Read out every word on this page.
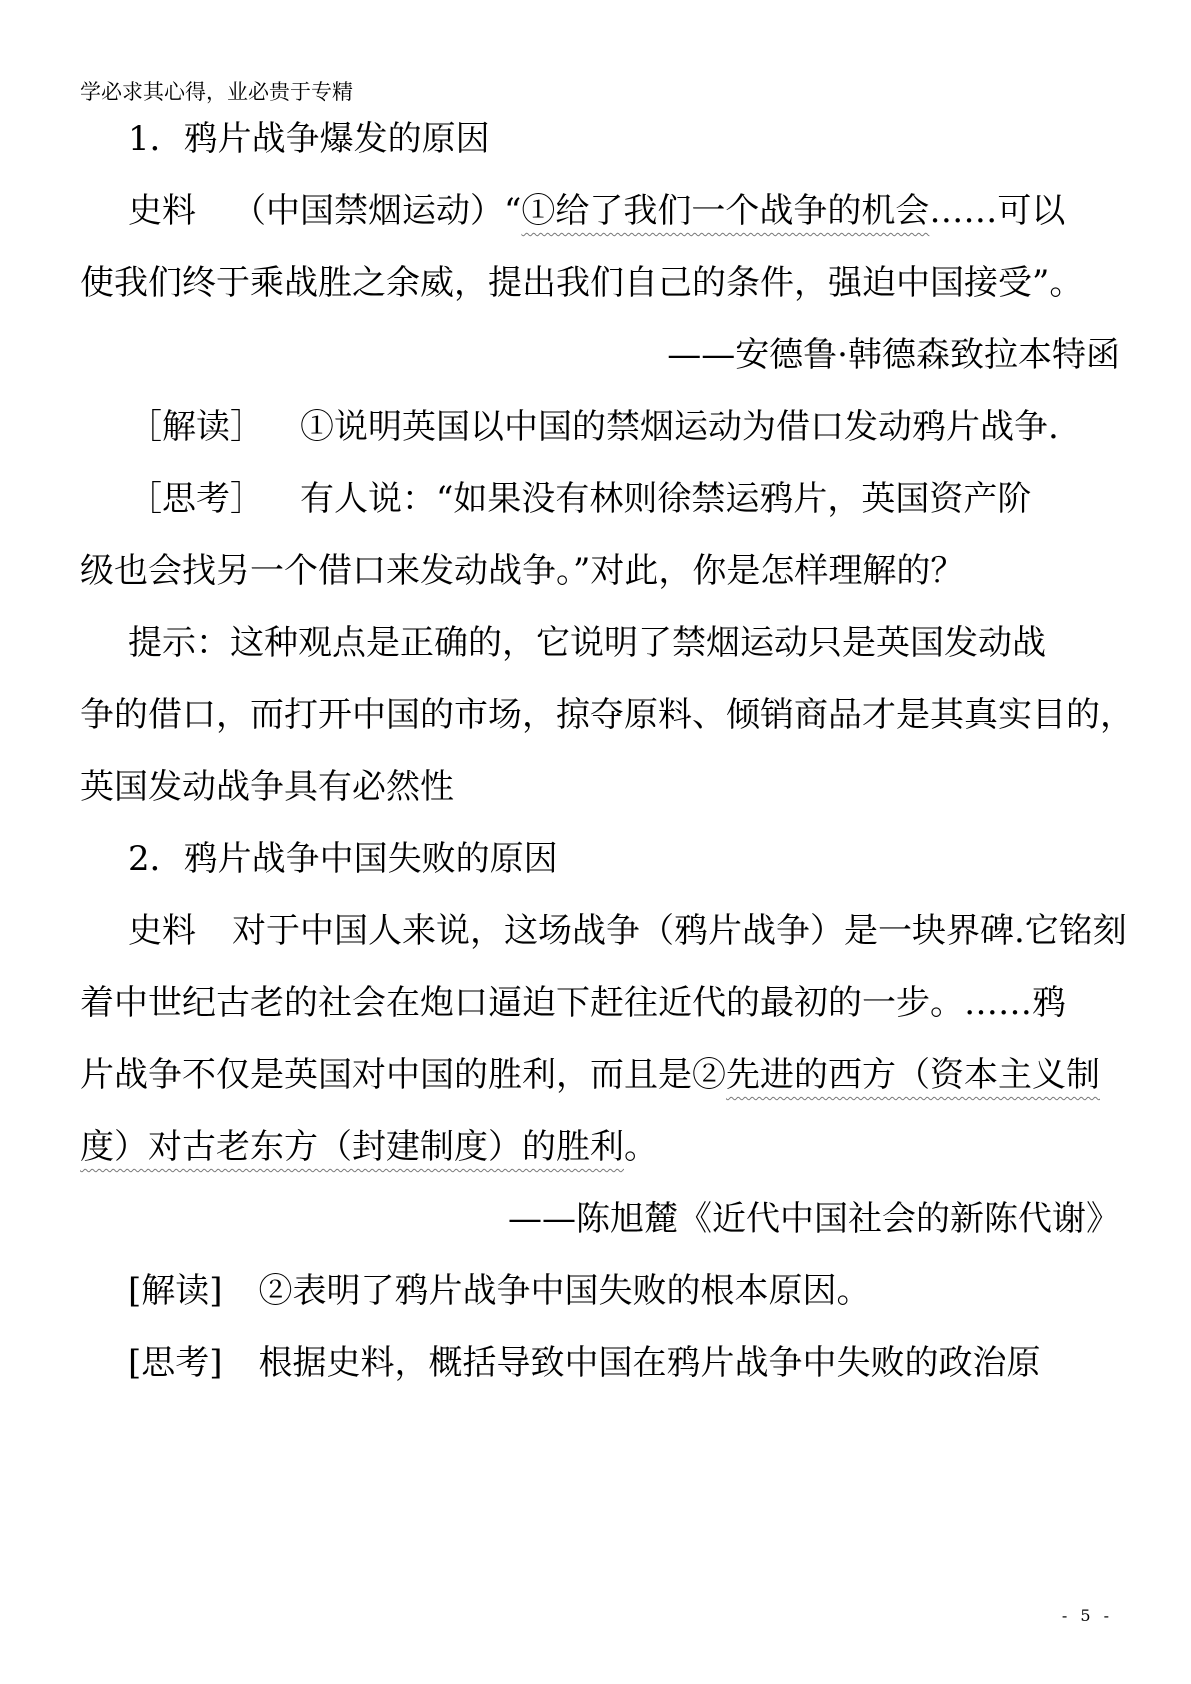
学必求其心得，业必贵于专精
1．鸦片战争爆发的原因
史料 （中国禁烟运动）“①给了我们一个战争的机会……可以
使我们终于乘战胜之余威，提出我们自己的条件，强迫中国接受”。
——安德鲁·韩德森致拉本特函
［解读］ ①说明英国以中国的禁烟运动为借口发动鸦片战争.
［思考］ 有人说：“如果没有林则徐禁运鸦片，英国资产阶
级也会找另一个借口来发动战争。”对此，你是怎样理解的？
提示：这种观点是正确的，它说明了禁烟运动只是英国发动战
争的借口，而打开中国的市场，掠夺原料、倾销商品才是其真实目的，
英国发动战争具有必然性
2．鸦片战争中国失败的原因
史料 对于中国人来说，这场战争（鸦片战争）是一块界碑.它铭刻
着中世纪古老的社会在炮口逼迫下赶往近代的最初的一步。……鸦
片战争不仅是英国对中国的胜利，而且是②先进的西方（资本主义制
度）对古老东方（封建制度）的胜利。
——陈旭麓《近代中国社会的新陈代谢》
[解读] ②表明了鸦片战争中国失败的根本原因。
[思考] 根据史料，概括导致中国在鸦片战争中失败的政治原
- 5 -
